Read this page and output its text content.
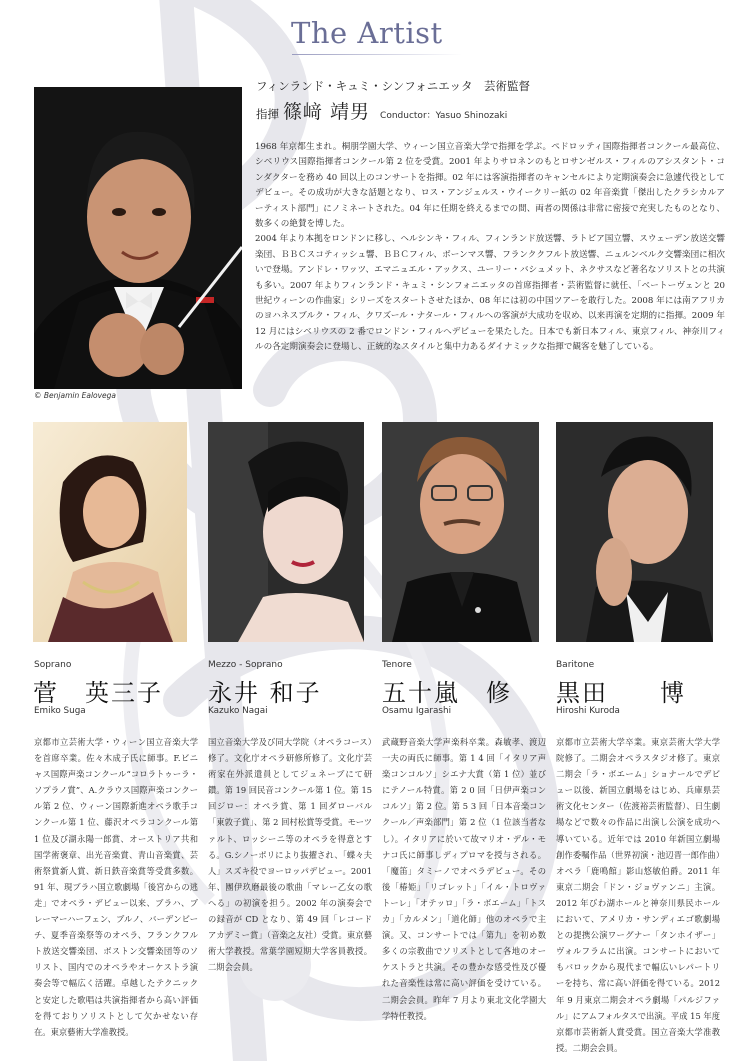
The Artist
© Benjamin Ealovega
フィンランド・キュミ・シンフォニエッタ　芸術監督
指揮 篠﨑 靖男 Conductor：Yasuo Shinozaki

1968 年京都生まれ。桐朋学園大学、ウィーン国立音楽大学で指揮を学ぶ。ペドロッティ国際指揮者コンクール最高位、シベリウス国際指揮者コンクール第 2 位を受賞。2001 年よりサロネンのもとロサンゼルス・フィルのアシスタント・コンダクターを務め 40 回以上のコンサートを指揮。02 年には客演指揮者のキャンセルにより定期演奏会に急遽代役としてデビュー。その成功が大きな話題となり、ロス・アンジェルス・ウイークリー紙の 02 年音楽賞「傑出したクラシカルアーティスト部門」にノミネートされた。04 年に任期を終えるまでの間、両者の関係は非常に密接で充実したものとなり、数多くの絶賛を博した。

2004 年より本拠をロンドンに移し、ヘルシンキ・フィル、フィンランド放送響、ラトビア国立響、スウェーデン放送交響楽団、ＢＢＣスコティッシュ響、ＢＢＣフィル、ボーンマス響、フランククフルト放送響、ニュルンベルク交響楽団に相次いで登場。アンドレ・ワッツ、エマニュエル・アックス、ユーリー・バシュメット、ネクサスなど著名なソリストとの共演も多い。2007 年よりフィンランド・キュミ・シンフォニエッタの首席指揮者・芸術監督に就任、「ベートーヴェンと 20 世紀ウィーンの作曲家」シリーズをスタートさせたほか、08 年には初の中国ツアーを敢行した。2008 年には南アフリカのヨハネスブルク・フィル、クワズール・ナタール・フィルへの客演が大成功を収め、以来再演を定期的に指揮。2009 年 12 月にはシベリウスの 2 番でロンドン・フィルへデビューを果たした。日本でも新日本フィル、東京フィル、神奈川フィルの各定期演奏会に登場し、正統的なスタイルと集中力あるダイナミックな指揮で観客を魅了している。

Soprano
菅　英三子
Emiko Suga
京都市立芸術大学・ウィーン国立音楽大学を首席卒業。佐々木成子氏に師事。F.ビニャス国際声楽コンクール“コロラトゥーラ・ソプラノ賞”、A.クラウス国際声楽コンクール第 2 位、ウィーン国際新進オペラ歌手コンクール第 1 位、藤沢オペラコンクール第 1 位及び湖永陽一郎賞、オーストリア共和国学術褒章、出光音楽賞、青山音楽賞、芸術祭賞新人賞、新日鉄音楽賞等受賞多数。91 年、現ブラハ国立歌劇場「後宮からの逃走」でオペラ・デビュー以来、ブラハ、ブレーマーハーフェン、ブルノ、バーデンビーチ、夏季音楽祭等のオペラ、フランクフルト放送交響楽団、ボストン交響楽団等のソリスト、国内でのオペラやオーケストラ演奏会等で幅広く活躍。卓越したテクニックと安定した歌唱は共演指揮者から高い評価を得ておりソリストとして欠かせない存在。東京藝術大学准教授。
Mezzo - Soprano
永井 和子
Kazuko Nagai
国立音楽大学及び同大学院（オペラコース）修了。文化庁オペラ研修所修了。文化庁芸術家在外派遣員としてジュネーブにて研鑽。第 19 回民音コンクール第 1 位。第 15 回ジロー：オペラ賞、第 1 回ダローバル「東敦子賞」、第 2 回村松賞等受賞。モーツァルト、ロッシーニ等のオペラを得意とする。G.シノーポリにより抜擢され、「蝶々夫人」スズキ役でヨーロッパデビュー。2001 年、團伊玖磨最後の歌曲「マレー乙女の歌へる」の初演を担う。2002 年の演奏会での録音が CD となり、第 49 回「レコードアカデミー賞」（音楽之友社）受賞。東京藝術大学教授。常葉学園短期大学客員教授。二期会会員。
Tenore
五十嵐　修
Osamu Igarashi
武蔵野音楽大学声楽科卒業。森敏孝、渡辺一夫の両氏に師事。第 1 4 回「イタリア声楽コンコルソ」シエナ大賞（第 1 位）並びにテノール特賞。第 2 0 回「日伊声楽コンコルソ」第 2 位。第 5 3 回「日本音楽コンクール／声楽部門」第 2 位（1 位該当者なし）。イタリアに於いて故マリオ・デル・モナコ氏に師事しディプロマを授与される。「魔笛」タミーノでオペラデビュー。その後「椿姫」「リゴレット」「イル・トロヴァトーレ」「オテッロ」「ラ・ボエーム」「トスカ」「カルメン」「道化師」他のオペラで主演。又、コンサートでは「第九」を初め数多くの宗教曲でソリストとして各地のオーケストラと共演。その豊かな感受性及び優れた音楽性は常に高い評価を受けている。二期会会員。昨年 7 月より東北文化学園大学特任教授。
Baritone
黒田　　博
Hiroshi Kuroda
京都市立芸術大学卒業。東京芸術大学大学院修了。二期会オペラスタジオ修了。東京二期会「ラ・ボエーム」ショナールでデビュー以後、新国立劇場をはじめ、兵庫県芸術文化センター（佐渡裕芸術監督）、日生劇場などで数々の作品に出演し公演を成功へ導いている。近年では 2010 年新国立劇場創作委嘱作品（世界初演・池辺晋一郎作曲）オペラ「鹿鳴館」影山悠敏伯爵。2011 年東京二期会「ドン・ジョヴァンニ」主演。2012 年びわ湖ホールと神奈川県民ホールにおいて、アメリカ・サンディエゴ歌劇場との提携公演ワーグナー「タンホイザー」ヴォルフラムに出演。コンサートにおいてもバロックから現代まで幅広いレパートリーを持ち、常に高い評価を得ている。2012 年 9 月東京二期会オペラ劇場「パルジファル」にアムフォルタスで出演。平成 15 年度京都市芸術新人賞受賞。国立音楽大学准教授。二期会会員。
